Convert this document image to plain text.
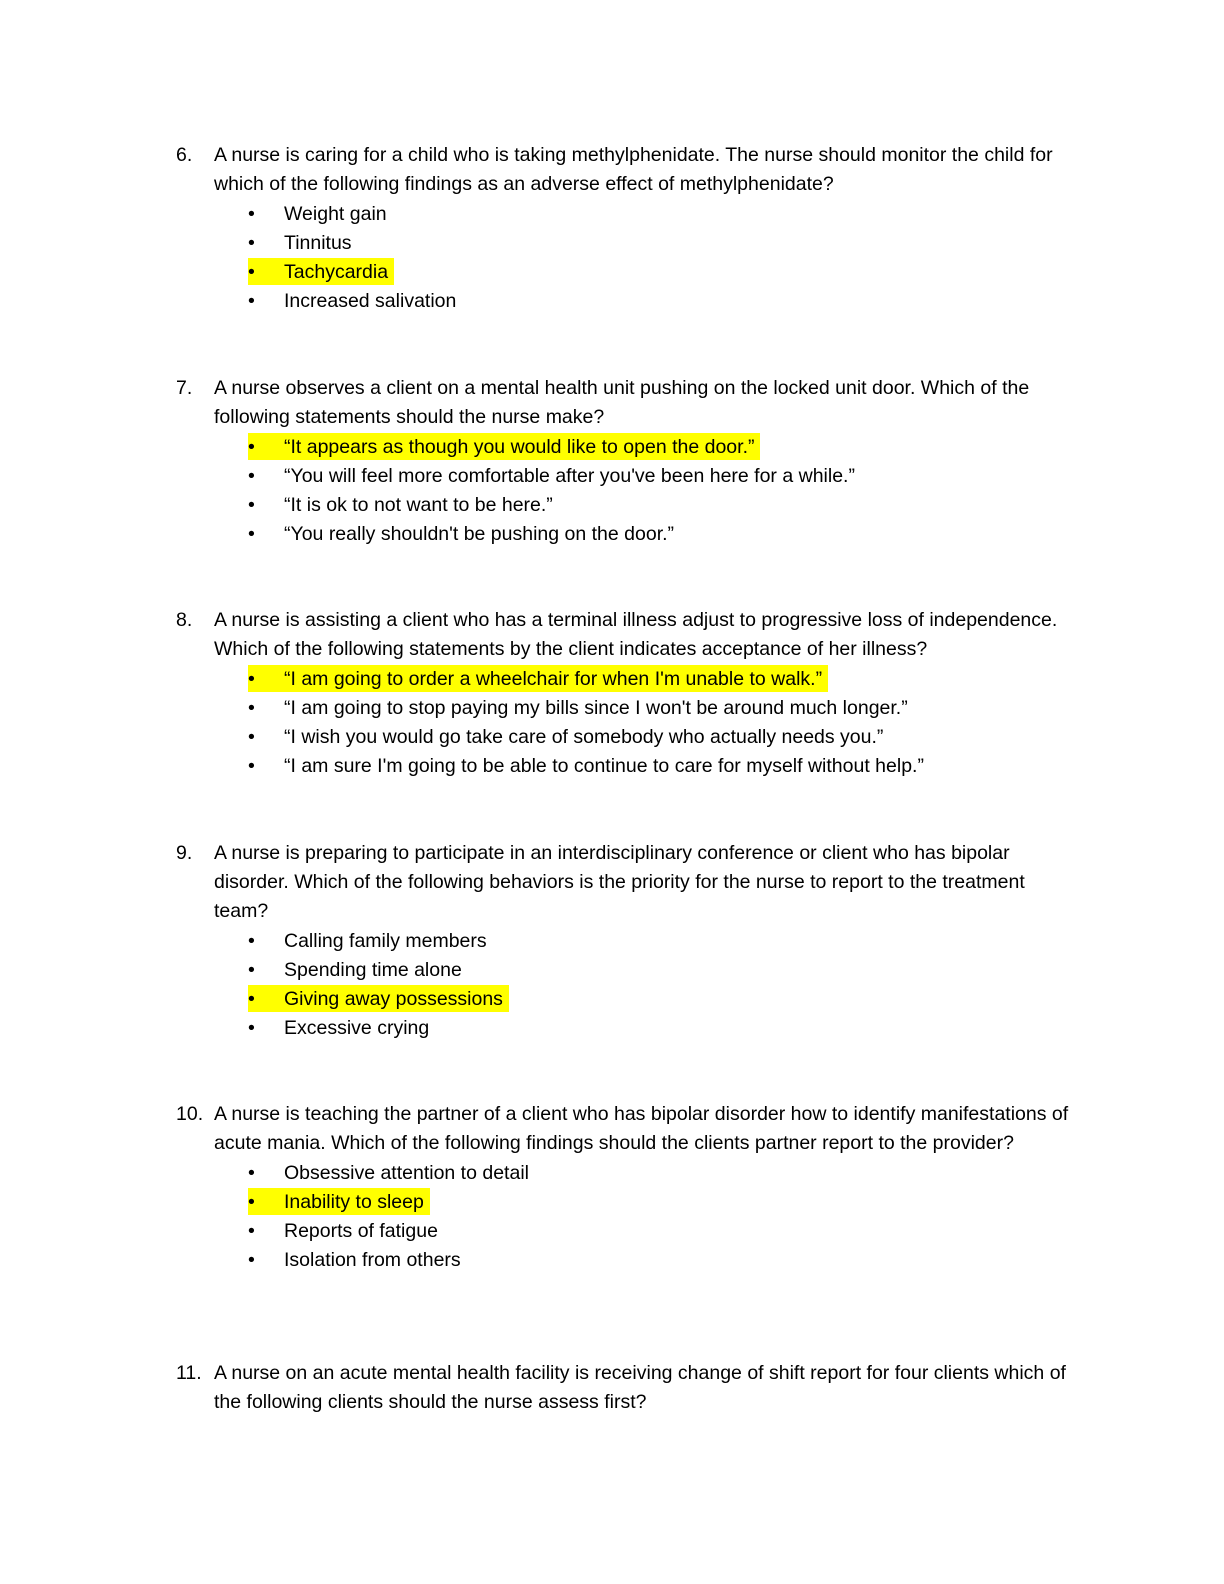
6. A nurse is caring for a child who is taking methylphenidate. The nurse should monitor the child for which of the following findings as an adverse effect of methylphenidate?
• Weight gain
• Tinnitus
• Tachycardia
• Increased salivation
7. A nurse observes a client on a mental health unit pushing on the locked unit door. Which of the following statements should the nurse make?
• “It appears as though you would like to open the door.”
• “You will feel more comfortable after you've been here for a while.”
• “It is ok to not want to be here.”
• “You really shouldn't be pushing on the door.”
8. A nurse is assisting a client who has a terminal illness adjust to progressive loss of independence. Which of the following statements by the client indicates acceptance of her illness?
• “I am going to order a wheelchair for when I'm unable to walk.”
• “I am going to stop paying my bills since I won't be around much longer.”
• “I wish you would go take care of somebody who actually needs you.”
• “I am sure I'm going to be able to continue to care for myself without help.”
9. A nurse is preparing to participate in an interdisciplinary conference or client who has bipolar disorder. Which of the following behaviors is the priority for the nurse to report to the treatment team?
• Calling family members
• Spending time alone
• Giving away possessions
• Excessive crying
10. A nurse is teaching the partner of a client who has bipolar disorder how to identify manifestations of acute mania. Which of the following findings should the clients partner report to the provider?
• Obsessive attention to detail
• Inability to sleep
• Reports of fatigue
• Isolation from others
11. A nurse on an acute mental health facility is receiving change of shift report for four clients which of the following clients should the nurse assess first?
